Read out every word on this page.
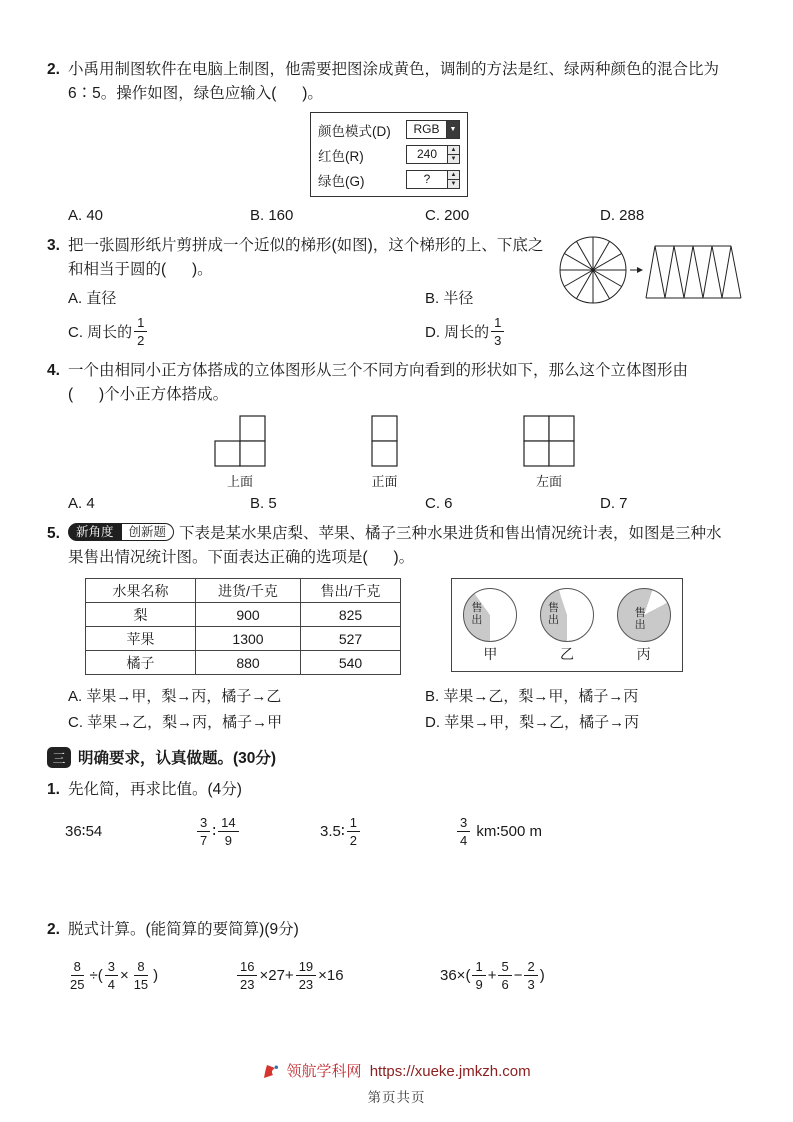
2. 小禹用制图软件在电脑上制图，他需要把图涂成黄色，调制的方法是红、绿两种颜色的混合比为

6∶5。操作如图，绿色应输入(      )。

颜色模式(D)	RGB	▼
红色(R)	240	▲
▼
绿色(G)	?	▲
▼
A. 40	B. 160	C. 200	D. 288

3. 把一张圆形纸片剪拼成一个近似的梯形(如图)，这个梯形的上、下底之

和相当于圆的(      )。

A. 直径	B. 半径
C. 周长的 $\frac{1}{2}$	D. 周长的 $\frac{1}{3}$

4. 一个由相同小正方体搭成的立体图形从三个不同方向看到的形状如下，那么这个立体图形由

(      )个小正方体搭成。

上面	正面	左面
A. 4	B. 5	C. 6	D. 7

5.	新角度	创新题 下表是某水果店梨、苹果、橘子三种水果进货和售出情况统计表，如图是三种水

果售出情况统计图。下面表达正确的选项是(      )。

水果名称	进货/千克	售出/千克
梨	900	825
苹果	1300	527
橘子	880	540
售出
甲
售出
乙
售出
丙
A. 苹果→甲，梨→丙，橘子→乙	B. 苹果→乙，梨→甲，橘子→丙
C. 苹果→乙，梨→丙，橘子→甲	D. 苹果→甲，梨→乙，橘子→丙
三 明确要求，认真做题。(30分)

1. 先化简，再求比值。(4分)

36∶54	$\frac{3}{7}$ ∶ $\frac{14}{9}$	3.5∶ $\frac{1}{2}$	$\frac{3}{4}$ km∶500 m

2. 脱式计算。(能简算的要简算)(9分)

$\frac{8}{25}$ ÷( $\frac{3}{4} \times \frac{8}{15}$ )	$\frac{16}{23} \times 27+ \frac{19}{23} \times 16$	$36\times( \frac{1}{9} + \frac{5}{6} - \frac{2}{3}$ )
领航学科网 https://xueke.jmkzh.com
第页共页
